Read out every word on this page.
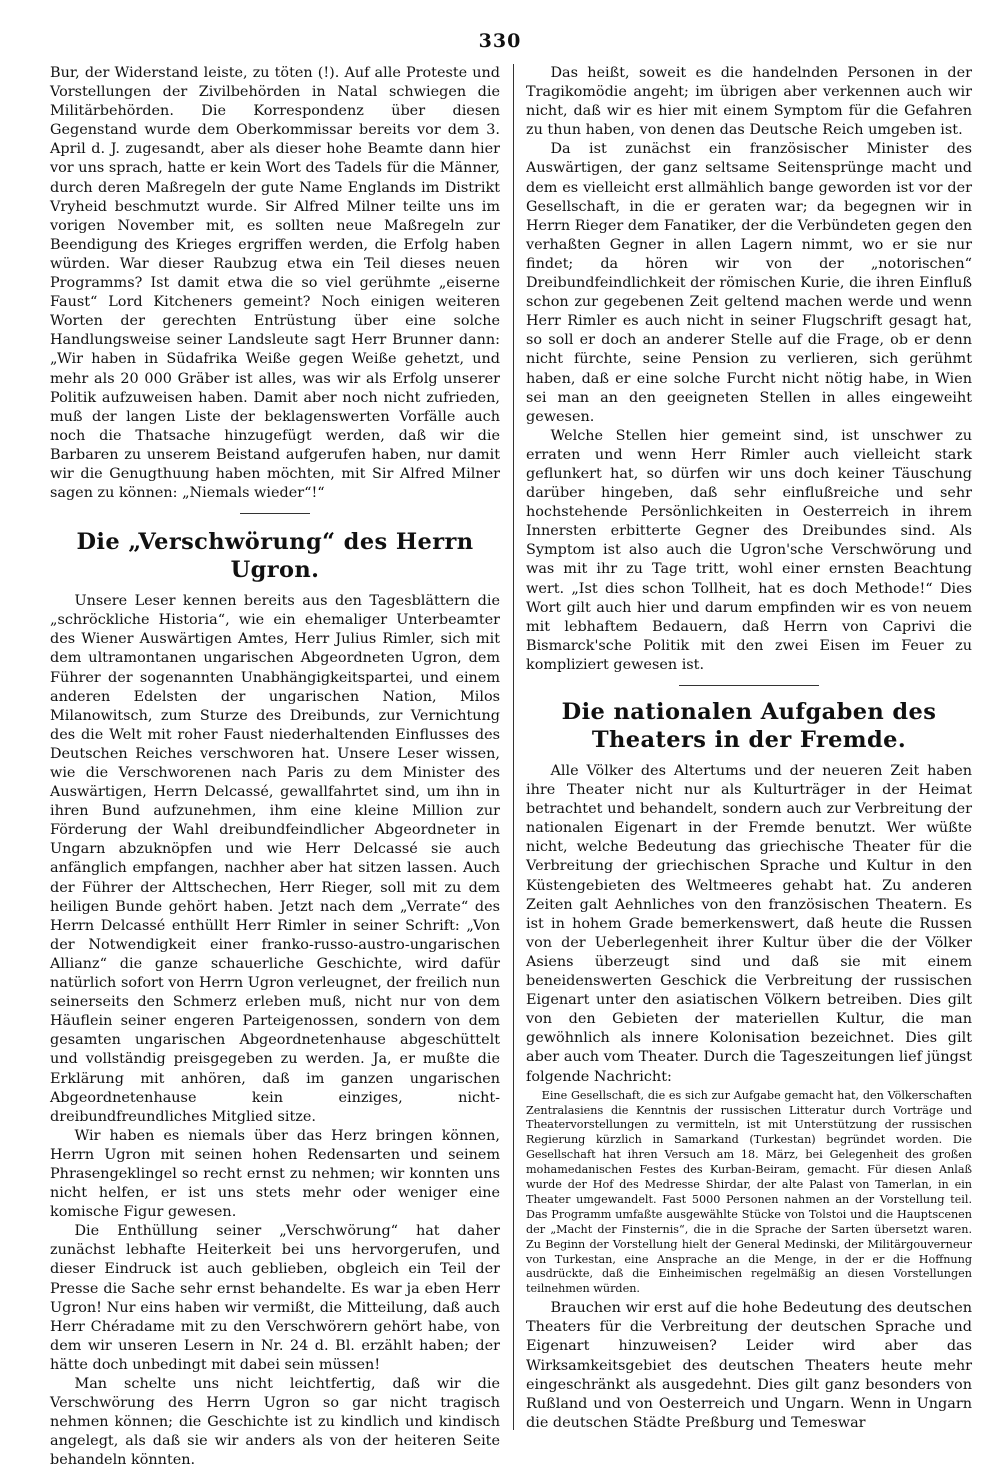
330

Bur, der Widerstand leiste, zu töten (!). Auf alle Proteste und Vorstellungen der Zivilbehörden in Natal schwiegen die Militärbehörden. Die Korrespondenz über diesen Gegenstand wurde dem Oberkommissar bereits vor dem 3. April d. J. zugesandt, aber als dieser hohe Beamte dann hier vor uns sprach, hatte er kein Wort des Tadels für die Männer, durch deren Maßregeln der gute Name Englands im Distrikt Vryheid beschmutzt wurde. Sir Alfred Milner teilte uns im vorigen November mit, es sollten neue Maßregeln zur Beendigung des Krieges ergriffen werden, die Erfolg haben würden. War dieser Raubzug etwa ein Teil dieses neuen Programms? Ist damit etwa die so viel gerühmte „eiserne Faust“ Lord Kitcheners gemeint? Noch einigen weiteren Worten der gerechten Entrüstung über eine solche Handlungsweise seiner Landsleute sagt Herr Brunner dann: „Wir haben in Südafrika Weiße gegen Weiße gehetzt, und mehr als 20 000 Gräber ist alles, was wir als Erfolg unserer Politik aufzuweisen haben. Damit aber noch nicht zufrieden, muß der langen Liste der beklagenswerten Vorfälle auch noch die Thatsache hinzugefügt werden, daß wir die Barbaren zu unserem Beistand aufgerufen haben, nur damit wir die Genugthuung haben möchten, mit Sir Alfred Milner sagen zu können: „Niemals wieder“!“

Die „Verschwörung“ des Herrn Ugron.

Unsere Leser kennen bereits aus den Tagesblättern die „schröckliche Historia“, wie ein ehemaliger Unterbeamter des Wiener Auswärtigen Amtes, Herr Julius Rimler, sich mit dem ultramontanen ungarischen Abgeordneten Ugron, dem Führer der sogenannten Unabhängigkeitspartei, und einem anderen Edelsten der ungarischen Nation, Milos Milanowitsch, zum Sturze des Dreibunds, zur Vernichtung des die Welt mit roher Faust niederhaltenden Einflusses des Deutschen Reiches verschworen hat. Unsere Leser wissen, wie die Verschworenen nach Paris zu dem Minister des Auswärtigen, Herrn Delcassé, gewallfahrtet sind, um ihn in ihren Bund aufzunehmen, ihm eine kleine Million zur Förderung der Wahl dreibundfeindlicher Abgeordneter in Ungarn abzuknöpfen und wie Herr Delcassé sie auch anfänglich empfangen, nachher aber hat sitzen lassen. Auch der Führer der Alttschechen, Herr Rieger, soll mit zu dem heiligen Bunde gehört haben. Jetzt nach dem „Verrate“ des Herrn Delcassé enthüllt Herr Rimler in seiner Schrift: „Von der Notwendigkeit einer franko-russo-austro-ungarischen Allianz“ die ganze schauerliche Geschichte, wird dafür natürlich sofort von Herrn Ugron verleugnet, der freilich nun seinerseits den Schmerz erleben muß, nicht nur von dem Häuflein seiner engeren Parteigenossen, sondern von dem gesamten ungarischen Abgeordnetenhause abgeschüttelt und vollständig preisgegeben zu werden. Ja, er mußte die Erklärung mit anhören, daß im ganzen ungarischen Abgeordnetenhause kein einziges, nicht-dreibundfreundliches Mitglied sitze.

Wir haben es niemals über das Herz bringen können, Herrn Ugron mit seinen hohen Redensarten und seinem Phrasengeklingel so recht ernst zu nehmen; wir konnten uns nicht helfen, er ist uns stets mehr oder weniger eine komische Figur gewesen.

Die Enthüllung seiner „Verschwörung“ hat daher zunächst lebhafte Heiterkeit bei uns hervorgerufen, und dieser Eindruck ist auch geblieben, obgleich ein Teil der Presse die Sache sehr ernst behandelte. Es war ja eben Herr Ugron! Nur eins haben wir vermißt, die Mitteilung, daß auch Herr Chéradame mit zu den Verschwörern gehört habe, von dem wir unseren Lesern in Nr. 24 d. Bl. erzählt haben; der hätte doch unbedingt mit dabei sein müssen!

Man schelte uns nicht leichtfertig, daß wir die Verschwörung des Herrn Ugron so gar nicht tragisch nehmen können; die Geschichte ist zu kindlich und kindisch angelegt, als daß sie wir anders als von der heiteren Seite behandeln könnten.

Das heißt, soweit es die handelnden Personen in der Tragikomödie angeht; im übrigen aber verkennen auch wir nicht, daß wir es hier mit einem Symptom für die Gefahren zu thun haben, von denen das Deutsche Reich umgeben ist.

Da ist zunächst ein französischer Minister des Auswärtigen, der ganz seltsame Seitensprünge macht und dem es vielleicht erst allmählich bange geworden ist vor der Gesellschaft, in die er geraten war; da begegnen wir in Herrn Rieger dem Fanatiker, der die Verbündeten gegen den verhaßten Gegner in allen Lagern nimmt, wo er sie nur findet; da hören wir von der „notorischen“ Dreibundfeindlichkeit der römischen Kurie, die ihren Einfluß schon zur gegebenen Zeit geltend machen werde und wenn Herr Rimler es auch nicht in seiner Flugschrift gesagt hat, so soll er doch an anderer Stelle auf die Frage, ob er denn nicht fürchte, seine Pension zu verlieren, sich gerühmt haben, daß er eine solche Furcht nicht nötig habe, in Wien sei man an den geeigneten Stellen in alles eingeweiht gewesen.

Welche Stellen hier gemeint sind, ist unschwer zu erraten und wenn Herr Rimler auch vielleicht stark geflunkert hat, so dürfen wir uns doch keiner Täuschung darüber hingeben, daß sehr einflußreiche und sehr hochstehende Persönlichkeiten in Oesterreich in ihrem Innersten erbitterte Gegner des Dreibundes sind. Als Symptom ist also auch die Ugron'sche Verschwörung und was mit ihr zu Tage tritt, wohl einer ernsten Beachtung wert. „Ist dies schon Tollheit, hat es doch Methode!“ Dies Wort gilt auch hier und darum empfinden wir es von neuem mit lebhaftem Bedauern, daß Herrn von Caprivi die Bismarck'sche Politik mit den zwei Eisen im Feuer zu kompliziert gewesen ist.

Die nationalen Aufgaben des Theaters in der Fremde.

Alle Völker des Altertums und der neueren Zeit haben ihre Theater nicht nur als Kulturträger in der Heimat betrachtet und behandelt, sondern auch zur Verbreitung der nationalen Eigenart in der Fremde benutzt. Wer wüßte nicht, welche Bedeutung das griechische Theater für die Verbreitung der griechischen Sprache und Kultur in den Küstengebieten des Weltmeeres gehabt hat. Zu anderen Zeiten galt Aehnliches von den französischen Theatern. Es ist in hohem Grade bemerkenswert, daß heute die Russen von der Ueberlegenheit ihrer Kultur über die der Völker Asiens überzeugt sind und daß sie mit einem beneidenswerten Geschick die Verbreitung der russischen Eigenart unter den asiatischen Völkern betreiben. Dies gilt von den Gebieten der materiellen Kultur, die man gewöhnlich als innere Kolonisation bezeichnet. Dies gilt aber auch vom Theater. Durch die Tageszeitungen lief jüngst folgende Nachricht:

Eine Gesellschaft, die es sich zur Aufgabe gemacht hat, den Völkerschaften Zentralasiens die Kenntnis der russischen Litteratur durch Vorträge und Theatervorstellungen zu vermitteln, ist mit Unterstützung der russischen Regierung kürzlich in Samarkand (Turkestan) begründet worden. Die Gesellschaft hat ihren Versuch am 18. März, bei Gelegenheit des großen mohamedanischen Festes des Kurban-Beiram, gemacht. Für diesen Anlaß wurde der Hof des Medresse Shirdar, der alte Palast von Tamerlan, in ein Theater umgewandelt. Fast 5000 Personen nahmen an der Vorstellung teil. Das Programm umfaßte ausgewählte Stücke von Tolstoi und die Hauptscenen der „Macht der Finsternis“, die in die Sprache der Sarten übersetzt waren. Zu Beginn der Vorstellung hielt der General Medinski, der Militärgouverneur von Turkestan, eine Ansprache an die Menge, in der er die Hoffnung ausdrückte, daß die Einheimischen regelmäßig an diesen Vorstellungen teilnehmen würden.

Brauchen wir erst auf die hohe Bedeutung des deutschen Theaters für die Verbreitung der deutschen Sprache und Eigenart hinzuweisen? Leider wird aber das Wirksamkeitsgebiet des deutschen Theaters heute mehr eingeschränkt als ausgedehnt. Dies gilt ganz besonders von Rußland und von Oesterreich und Ungarn. Wenn in Ungarn die deutschen Städte Preßburg und Temeswar
